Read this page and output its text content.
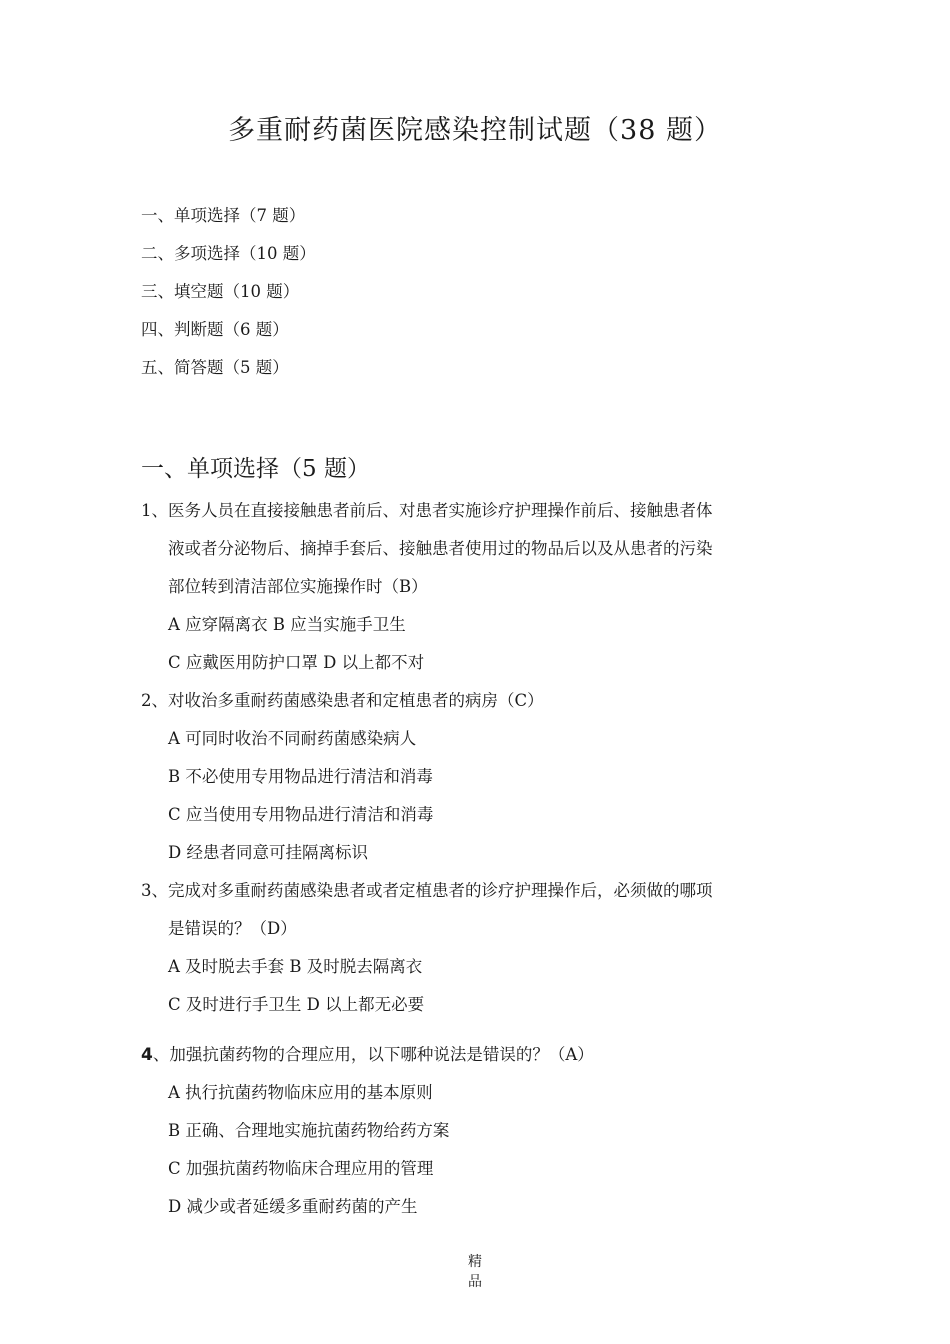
多重耐药菌医院感染控制试题（38 题）
一、单项选择（7 题）
二、多项选择（10 题）
三、填空题（10 题）
四、判断题（6 题）
五、简答题（5 题）
一、单项选择（5 题）
1、医务人员在直接接触患者前后、对患者实施诊疗护理操作前后、接触患者体
液或者分泌物后、摘掉手套后、接触患者使用过的物品后以及从患者的污染
部位转到清洁部位实施操作时（B）
A 应穿隔离衣 B 应当实施手卫生
C 应戴医用防护口罩 D 以上都不对
2、对收治多重耐药菌感染患者和定植患者的病房（C）
A 可同时收治不同耐药菌感染病人
B 不必使用专用物品进行清洁和消毒
C 应当使用专用物品进行清洁和消毒
D 经患者同意可挂隔离标识
3、完成对多重耐药菌感染患者或者定植患者的诊疗护理操作后，必须做的哪项
是错误的？（D）
A 及时脱去手套 B 及时脱去隔离衣
C 及时进行手卫生 D 以上都无必要
4、加强抗菌药物的合理应用，以下哪种说法是错误的？（A）
A 执行抗菌药物临床应用的基本原则
B 正确、合理地实施抗菌药物给药方案
C 加强抗菌药物临床合理应用的管理
D 减少或者延缓多重耐药菌的产生
精
品
